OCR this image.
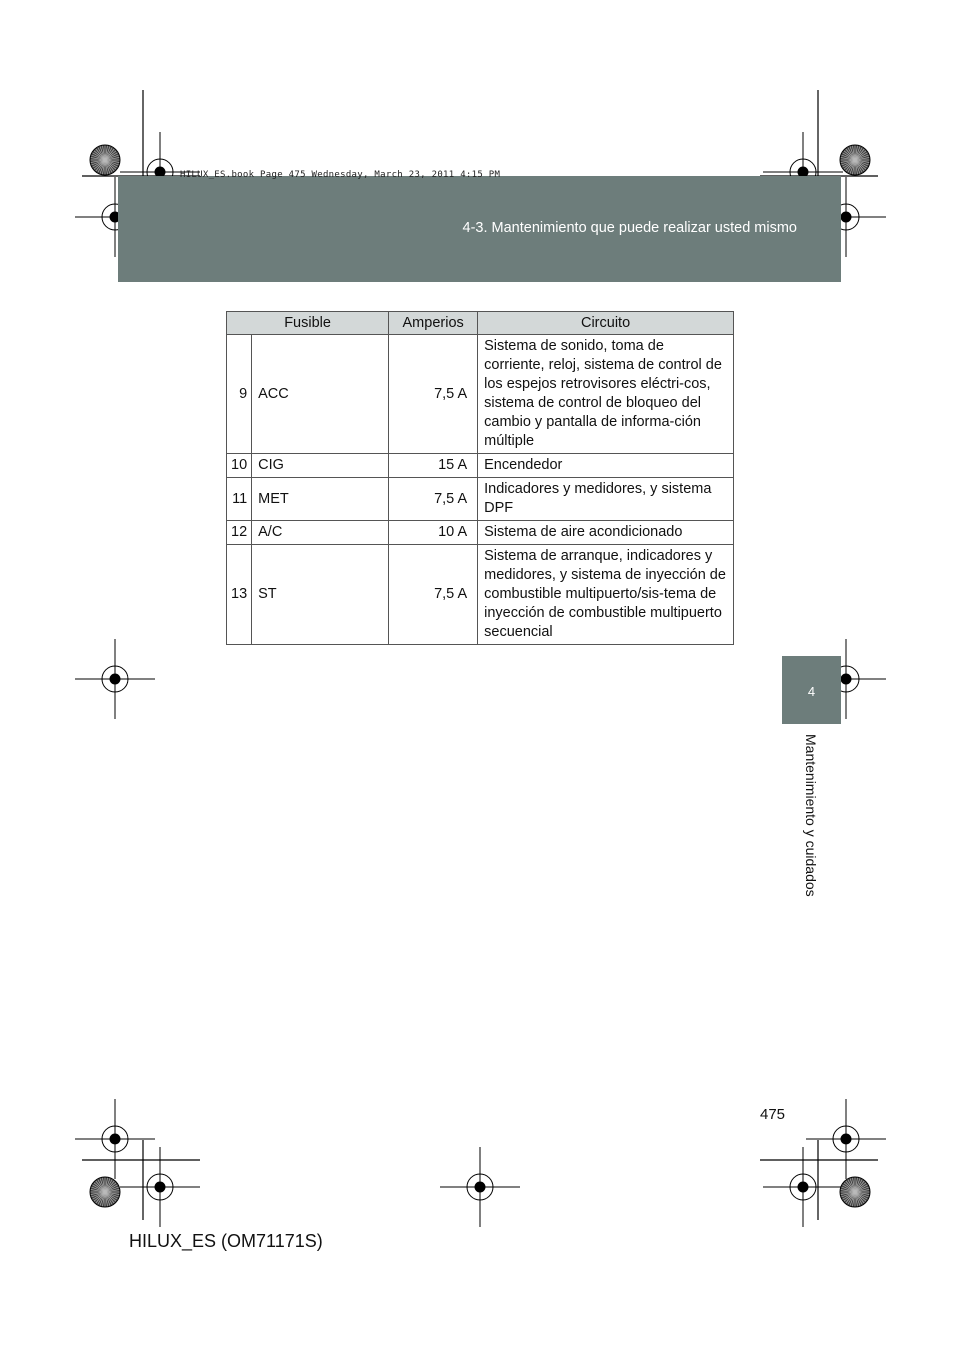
4-3. Mantenimiento que puede realizar usted mismo
HILUX_ES.book Page 475 Wednesday, March 23, 2011 4:15 PM
4
Mantenimiento y cuidados
Fusible		Amperios	Circuito
9	ACC	7,5 A	Sistema de sonido, toma de corriente, reloj, sistema de control de los espejos retrovisores eléctri-cos, sistema de control de bloqueo del cambio y pantalla de informa-ción múltiple
10	CIG	15 A	Encendedor
11	MET	7,5 A	Indicadores y medidores, y sistema DPF
12	A/C	10 A	Sistema de aire acondicionado
13	ST	7,5 A	Sistema de arranque, indicadores y medidores, y sistema de inyección de combustible multipuerto/sis-tema de inyección de combustible multipuerto secuencial
475
HILUX_ES (OM71171S)
